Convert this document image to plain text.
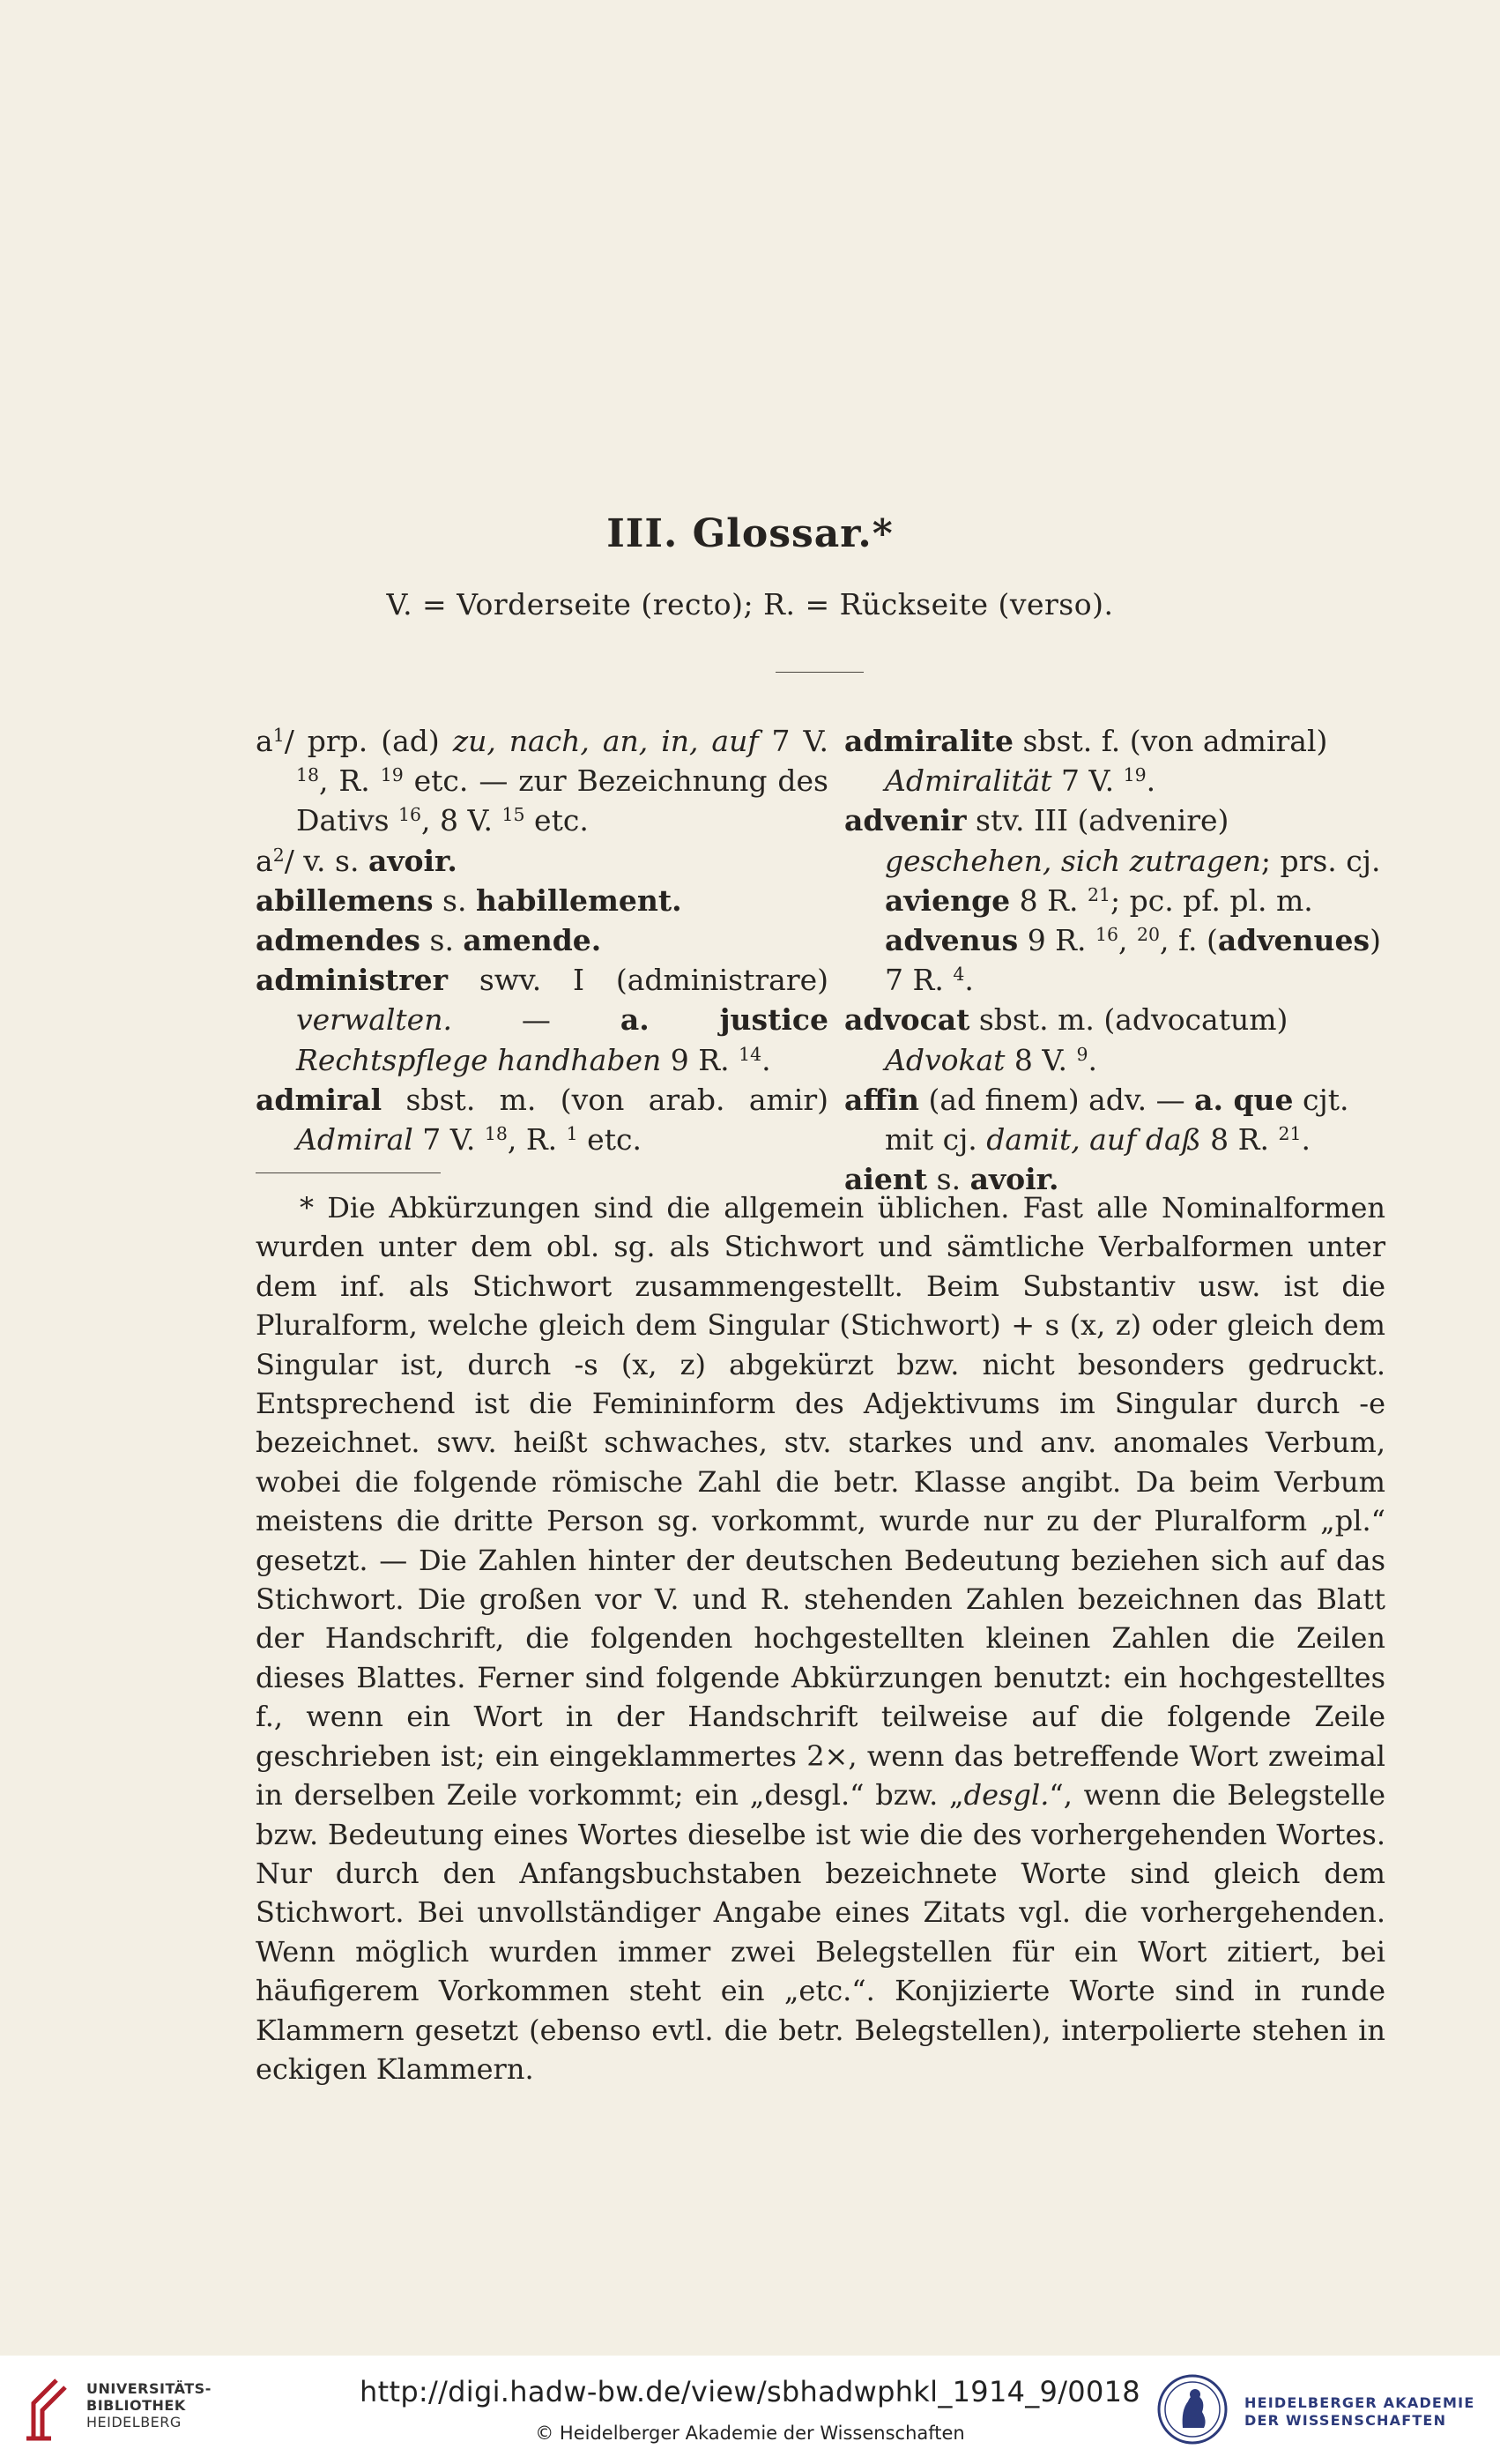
III. Glossar.*
V. = Vorderseite (recto); R. = Rückseite (verso).
$a^1/$ prp. (ad) zu, nach, an, in, auf 7 V. $^{18}$, R. $^{19}$ etc. — zur Bezeichnung des Dativs $^{16}$, 8 V. $^{15}$ etc.
$a^2/$ v. s. avoir.
abillemens s. habillement.
admendes s. amende.
administrer swv. I (administrare) verwalten. — a. justice Rechtspflege handhaben 9 R. $^{14}$.
admiral sbst. m. (von arab. amir) Admiral 7 V. $^{18}$, R. $^1$ etc.
admiralite sbst. f. (von admiral) Admiralität 7 V. $^{19}$.
advenir stv. III (advenire) geschehen, sich zutragen; prs. cj. avienge 8 R. $^{21}$; pc. pf. pl. m. advenus 9 R. $^{16}$, $^{20}$, f. (advenues) 7 R. $^4$.
advocat sbst. m. (advocatum) Advokat 8 V. $^9$.
affin (ad finem) adv. — a. que cjt. mit cj. damit, auf daß 8 R. $^{21}$.
aient s. avoir.

* Die Abkürzungen sind die allgemein üblichen. Fast alle Nominalformen wurden unter dem obl. sg. als Stichwort und sämtliche Verbalformen unter dem inf. als Stichwort zusammengestellt. Beim Substantiv usw. ist die Pluralform, welche gleich dem Singular (Stichwort) + s (x, z) oder gleich dem Singular ist, durch -s (x, z) abgekürzt bzw. nicht besonders gedruckt. Entsprechend ist die Femininform des Adjektivums im Singular durch -e bezeichnet. swv. heißt schwaches, stv. starkes und anv. anomales Verbum, wobei die folgende römische Zahl die betr. Klasse angibt. Da beim Verbum meistens die dritte Person sg. vorkommt, wurde nur zu der Pluralform „pl.“ gesetzt. — Die Zahlen hinter der deutschen Bedeutung beziehen sich auf das Stichwort. Die großen vor V. und R. stehenden Zahlen bezeichnen das Blatt der Handschrift, die folgenden hochgestellten kleinen Zahlen die Zeilen dieses Blattes. Ferner sind folgende Abkürzungen benutzt: ein hochgestelltes f., wenn ein Wort in der Handschrift teilweise auf die folgende Zeile geschrieben ist; ein eingeklammertes 2×, wenn das betreffende Wort zweimal in derselben Zeile vorkommt; ein „desgl.“ bzw. „desgl.“, wenn die Belegstelle bzw. Bedeutung eines Wortes dieselbe ist wie die des vorhergehenden Wortes. Nur durch den Anfangsbuchstaben bezeichnete Worte sind gleich dem Stichwort. Bei unvollständiger Angabe eines Zitats vgl. die vorhergehenden. Wenn möglich wurden immer zwei Belegstellen für ein Wort zitiert, bei häufigerem Vorkommen steht ein „etc.“. Konjizierte Worte sind in runde Klammern gesetzt (ebenso evtl. die betr. Belegstellen), interpolierte stehen in eckigen Klammern.

UNIVERSITÄTS-
BIBLIOTHEK
HEIDELBERG
http://digi.hadw-bw.de/view/sbhadwphkl_1914_9/0018
© Heidelberger Akademie der Wissenschaften
HEIDELBERGER AKADEMIE
DER WISSENSCHAFTEN
